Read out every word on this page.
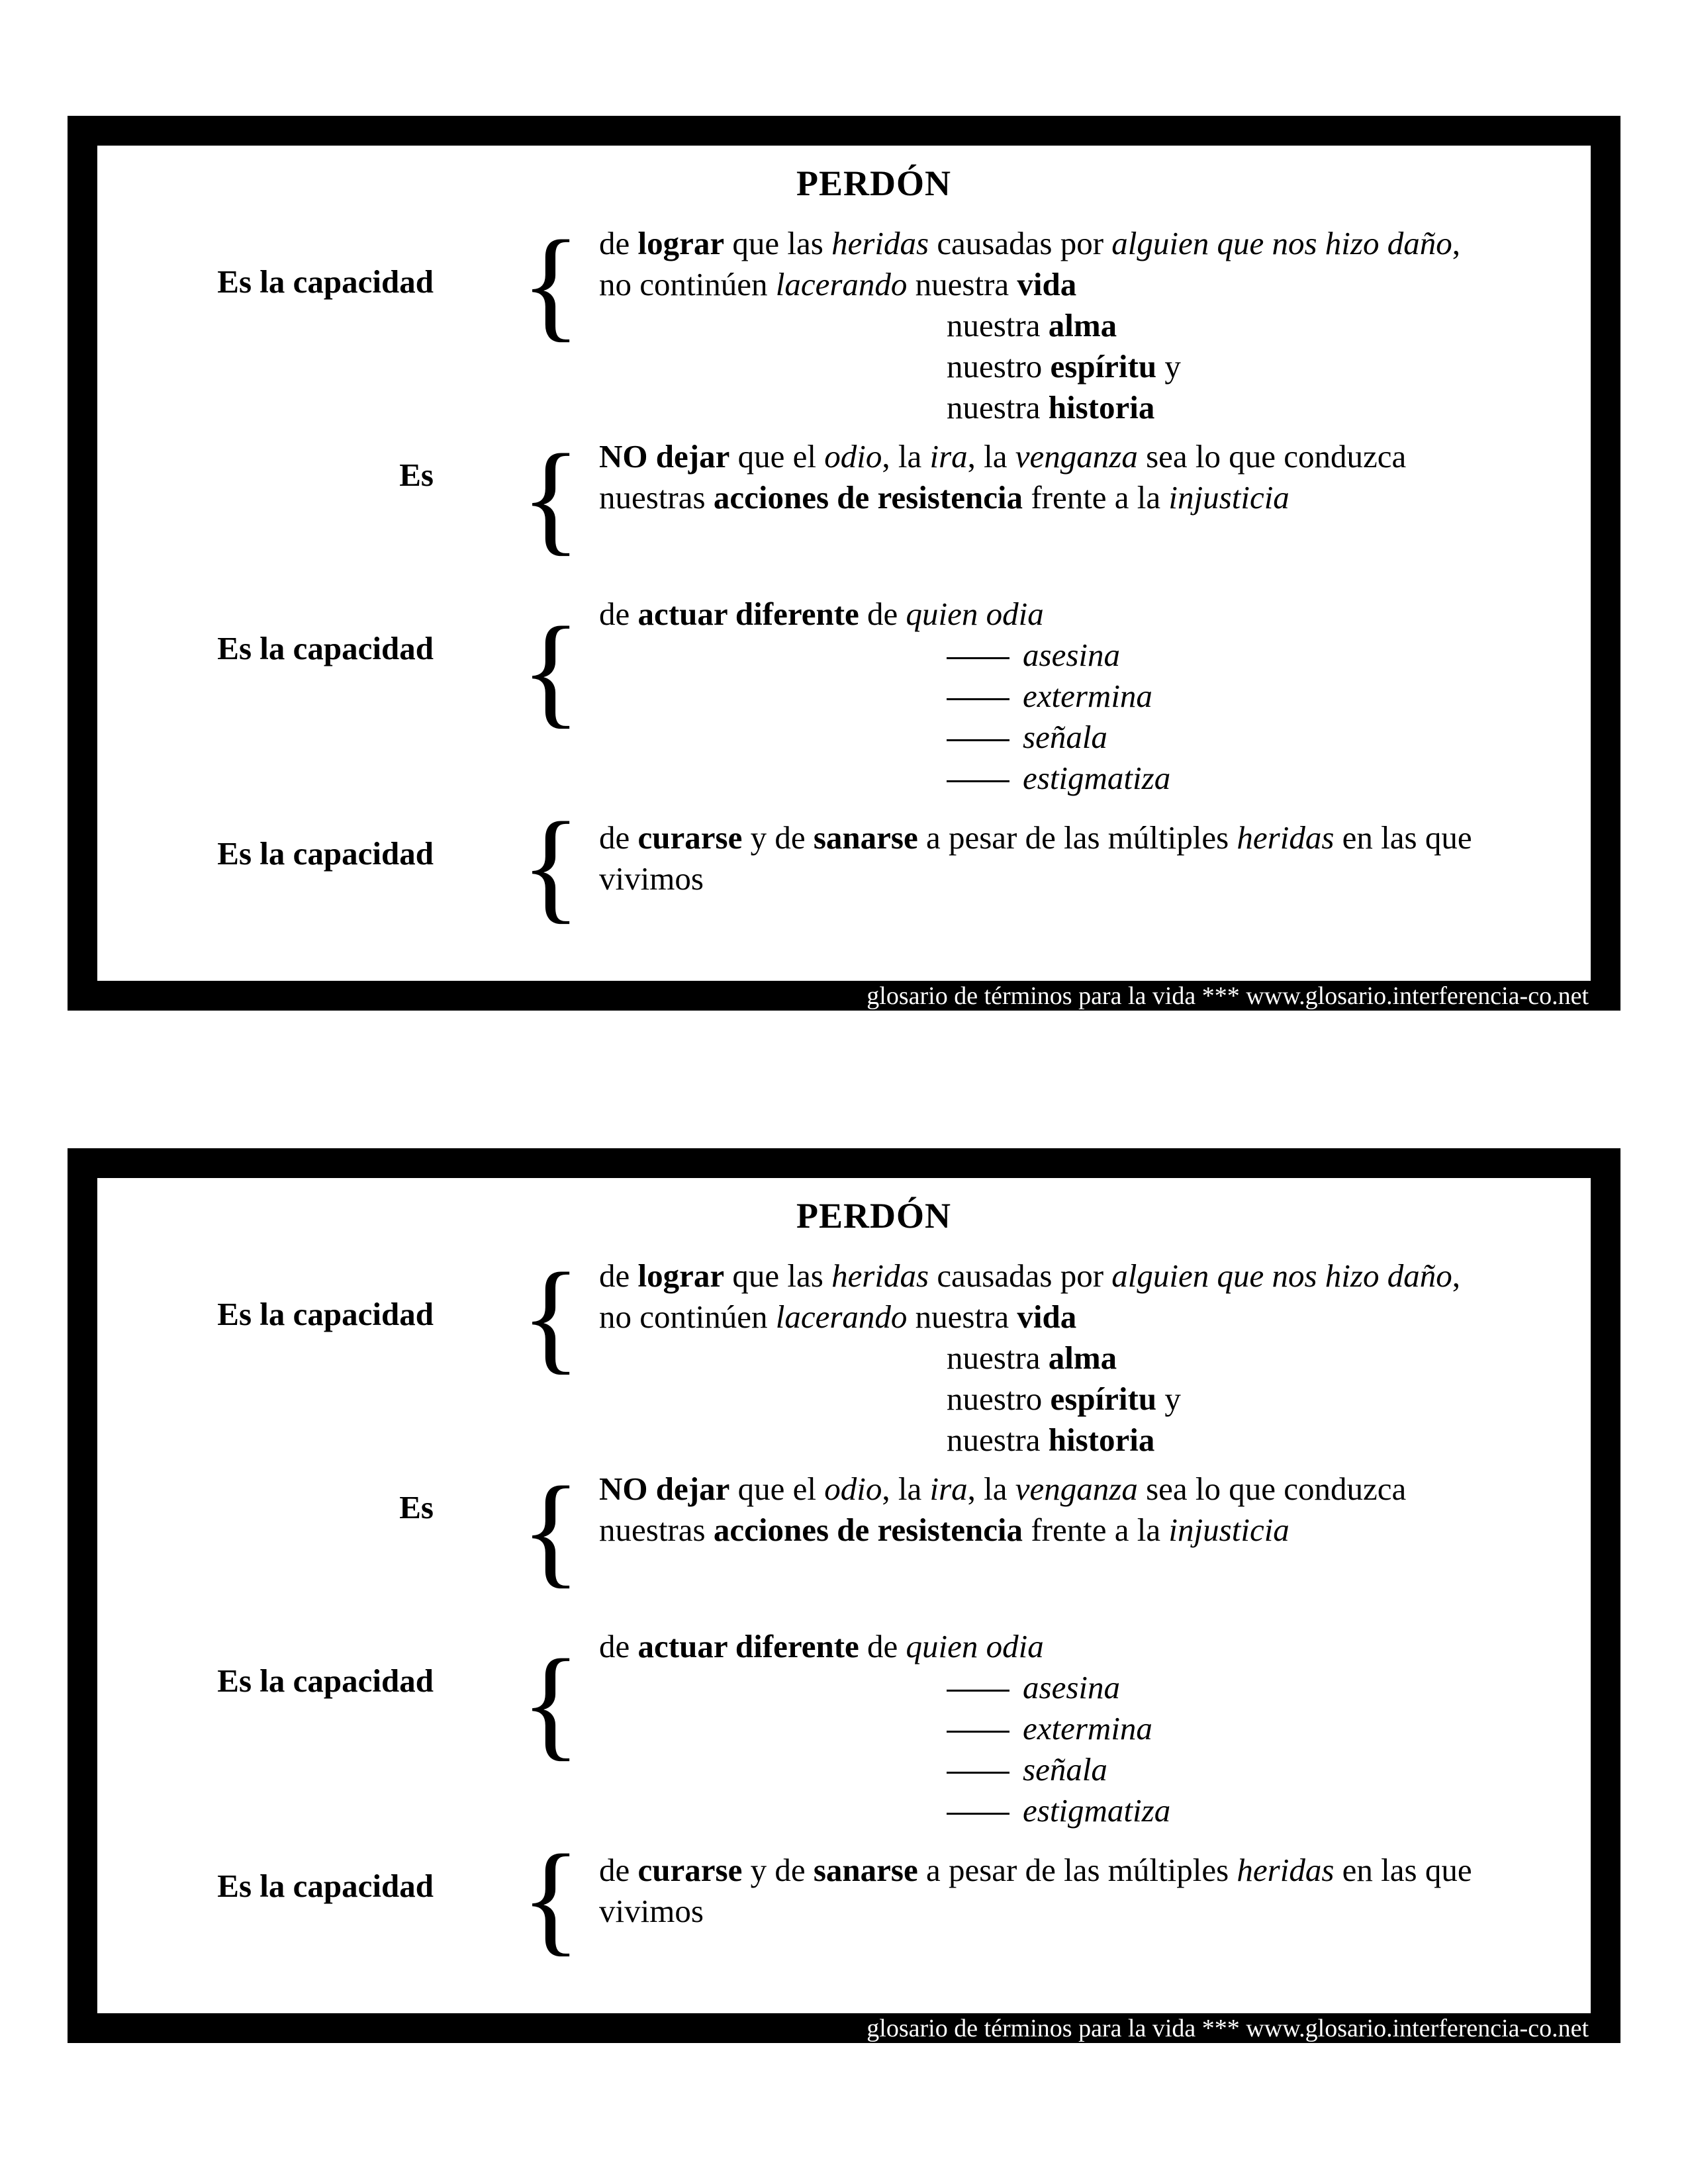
PERDÓN
Es la capacidad { de lograr que las heridas causadas por alguien que nos hizo daño,
no continúen lacerando nuestra vida
nuestra alma
nuestro espíritu y
nuestra historia
Es { NO dejar que el odio, la ira, la venganza sea lo que conduzca
nuestras acciones de resistencia frente a la injusticia
Es la capacidad { de actuar diferente de quien odia
asesina
extermina
señala
estigmatiza
Es la capacidad { de curarse y de sanarse a pesar de las múltiples heridas en las que
vivimos
glosario de términos para la vida *** www.glosario.interferencia-co.net
PERDÓN
Es la capacidad { de lograr que las heridas causadas por alguien que nos hizo daño,
no continúen lacerando nuestra vida
nuestra alma
nuestro espíritu y
nuestra historia
Es { NO dejar que el odio, la ira, la venganza sea lo que conduzca
nuestras acciones de resistencia frente a la injusticia
Es la capacidad { de actuar diferente de quien odia
asesina
extermina
señala
estigmatiza
Es la capacidad { de curarse y de sanarse a pesar de las múltiples heridas en las que
vivimos
glosario de términos para la vida *** www.glosario.interferencia-co.net
